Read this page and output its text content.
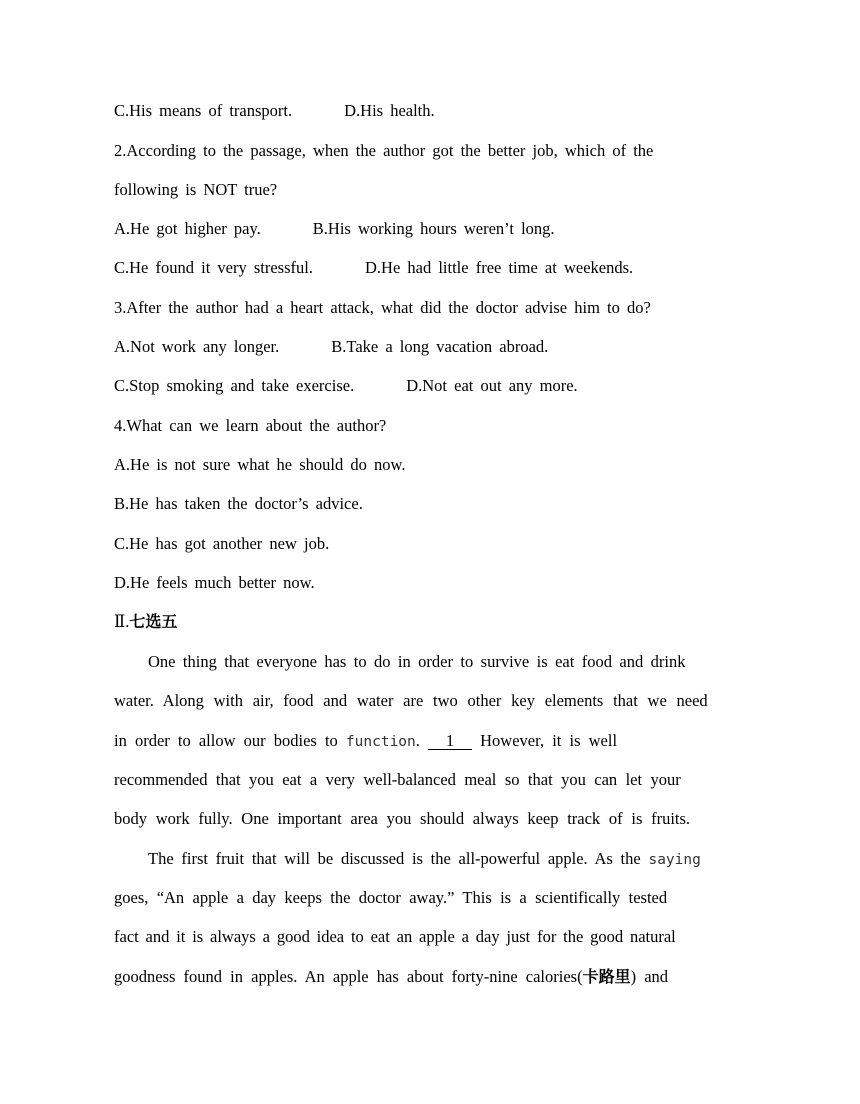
C.His means of transport.	D.His health.
2.According to the passage, when the author got the better job, which of the
following is NOT true?
A.He got higher pay.	B.His working hours weren’t long.
C.He found it very stressful.	D.He had little free time at weekends.
3.After the author had a heart attack, what did the doctor advise him to do?
A.Not work any longer.	B.Take a long vacation abroad.
C.Stop smoking and take exercise.	D.Not eat out any more.
4.What can we learn about the author?
A.He is not sure what he should do now.
B.He has taken the doctor’s advice.
C.He has got another new job.
D.He feels much better now.
Ⅱ.七选五
One thing that everyone has to do in order to survive is eat food and drink
water. Along with air, food and water are two other key elements that we need
in order to allow our bodies to function. 1 However, it is well
recommended that you eat a very well-balanced meal so that you can let your
body work fully. One important area you should always keep track of is fruits.
The first fruit that will be discussed is the all-powerful apple. As the saying
goes, “An apple a day keeps the doctor away.” This is a scientifically tested
fact and it is always a good idea to eat an apple a day just for the good natural
goodness found in apples. An apple has about forty-nine calories(卡路里) and
